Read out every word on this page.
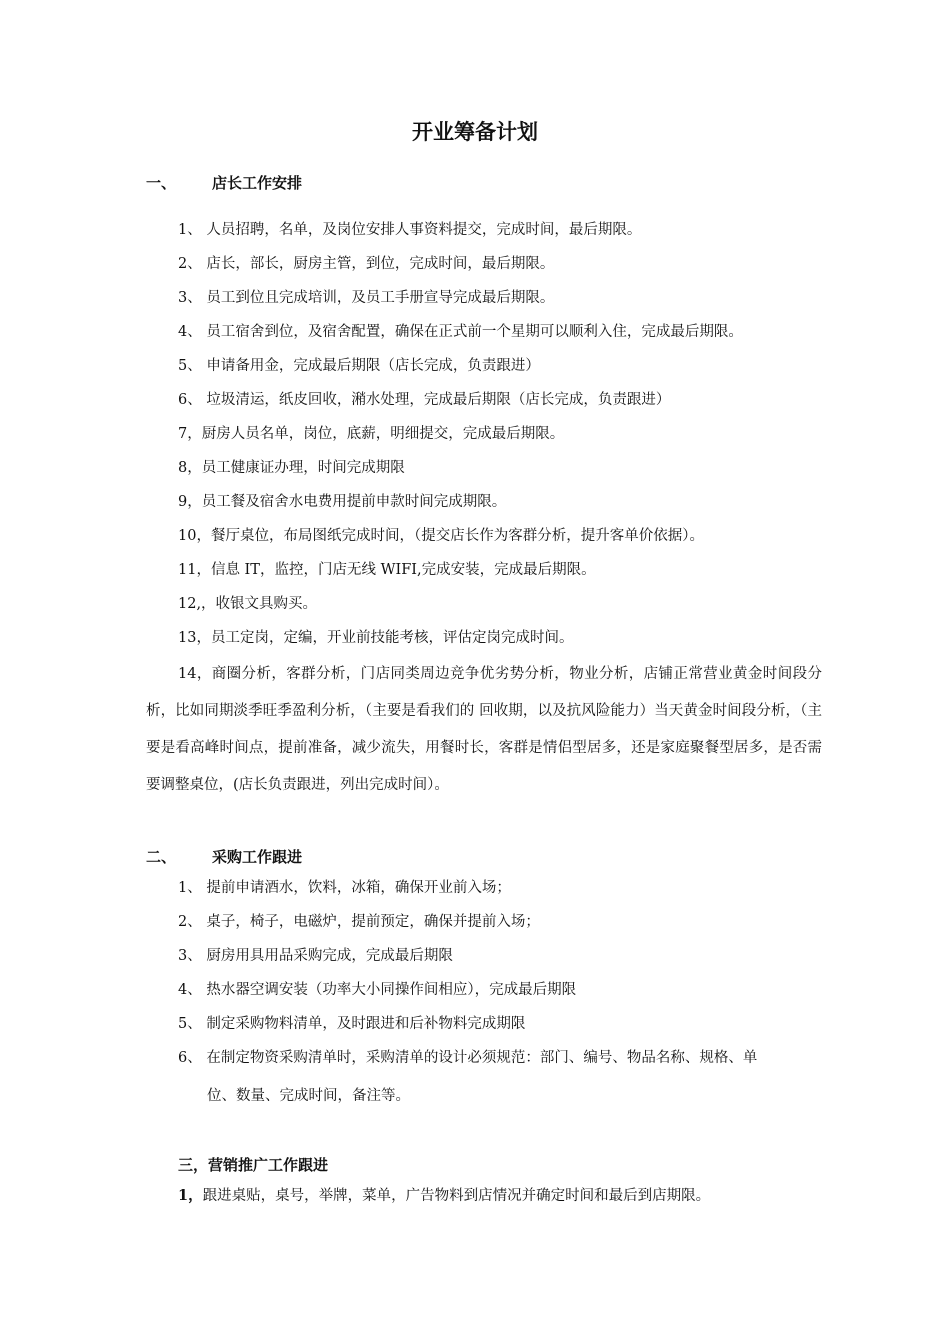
开业筹备计划
一、 店长工作安排
1、 人员招聘，名单，及岗位安排人事资料提交，完成时间，最后期限。
2、 店长，部长，厨房主管，到位，完成时间，最后期限。
3、 员工到位且完成培训，及员工手册宣导完成最后期限。
4、 员工宿舍到位，及宿舍配置，确保在正式前一个星期可以顺利入住，完成最后期限。
5、 申请备用金，完成最后期限（店长完成，负责跟进）
6、 垃圾清运，纸皮回收，潲水处理，完成最后期限（店长完成，负责跟进）
7，厨房人员名单，岗位，底薪，明细提交，完成最后期限。
8，员工健康证办理，时间完成期限
9，员工餐及宿舍水电费用提前申款时间完成期限。
10，餐厅桌位，布局图纸完成时间，（提交店长作为客群分析，提升客单价依据）。
11，信息 IT，监控，门店无线 WIFI,完成安装，完成最后期限。
12,，收银文具购买。
13，员工定岗，定编，开业前技能考核，评估定岗完成时间。
14，商圈分析，客群分析，门店同类周边竞争优劣势分析，物业分析，店铺正常营业黄金时间段分析，比如同期淡季旺季盈利分析，（主要是看我们的 回收期，以及抗风险能力）当天黄金时间段分析，（主要是看高峰时间点，提前准备，减少流失，用餐时长，客群是情侣型居多，还是家庭聚餐型居多，是否需要调整桌位，(店长负责跟进，列出完成时间）。
二、 采购工作跟进
1、 提前申请酒水，饮料，冰箱，确保开业前入场；
2、 桌子，椅子，电磁炉，提前预定，确保并提前入场；
3、 厨房用具用品采购完成，完成最后期限
4、 热水器空调安装（功率大小同操作间相应），完成最后期限
5、 制定采购物料清单，及时跟进和后补物料完成期限
6、 在制定物资采购清单时，采购清单的设计必须规范：部门、编号、物品名称、规格、单
位、数量、完成时间，备注等。
三，营销推广工作跟进
1，跟进桌贴，桌号，举牌，菜单，广告物料到店情况并确定时间和最后到店期限。
